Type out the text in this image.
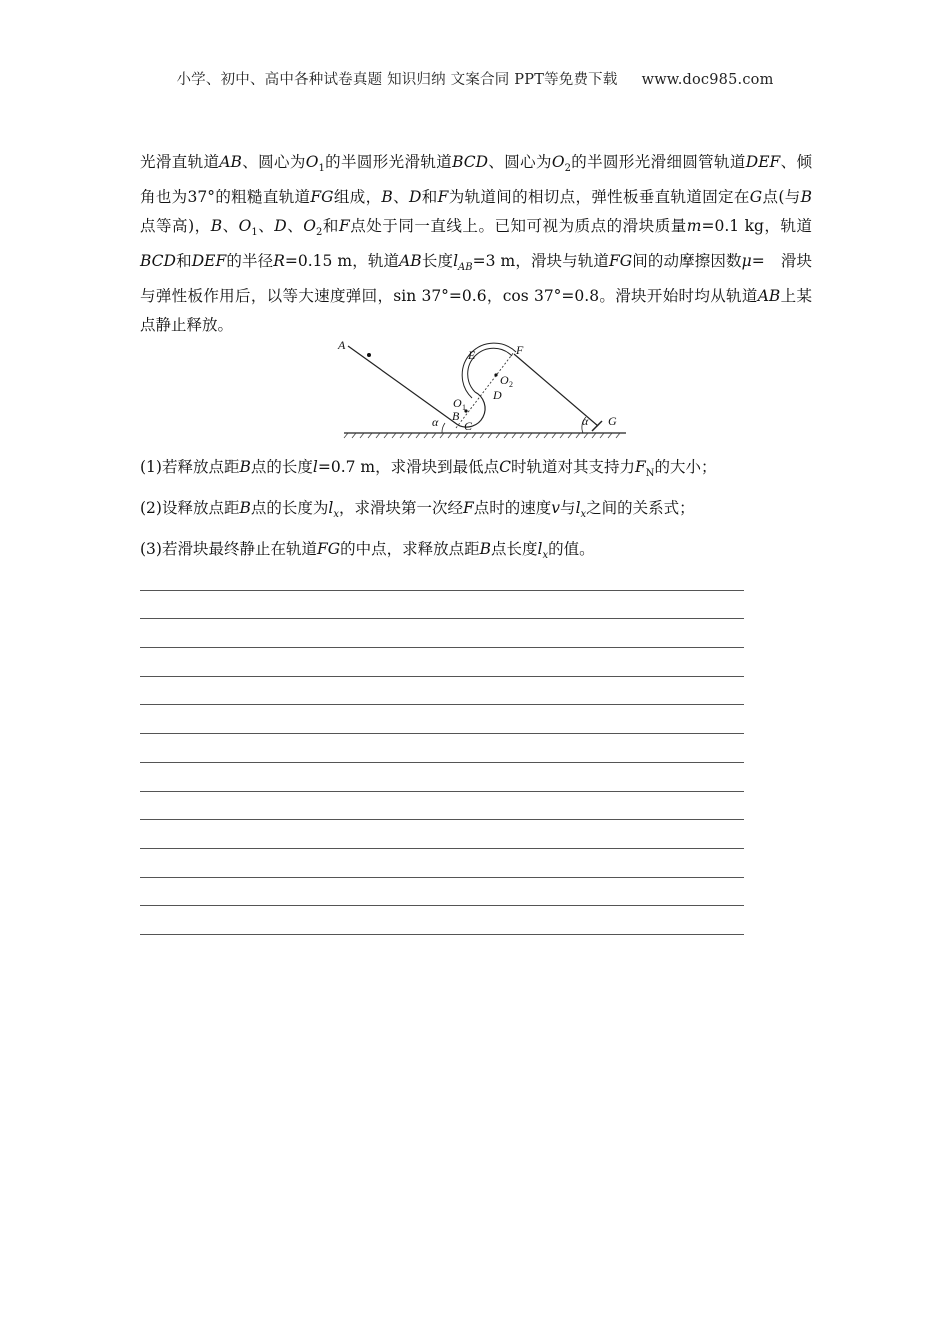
小学、初中、高中各种试卷真题 知识归纳 文案合同 PPT等免费下载 www.doc985.com
光滑直轨道AB、圆心为$O_1$的半圆形光滑轨道BCD、圆心为$O_2$的半圆形光滑细圆管轨道DEF、倾角也为37°的粗糙直轨道FG组成，B、D和F为轨道间的相切点，弹性板垂直轨道固定在G点(与B点等高)，B、$O_1$、D、$O_2$和F点处于同一直线上。已知可视为质点的滑块质量m=0.1 kg，轨道BCD和DEF的半径R=0.15 m，轨道AB长度$l_{AB}=3$ m，滑块与轨道FG间的动摩擦因数μ= 滑块与弹性板作用后，以等大速度弹回，sin 37°=0.6，cos 37°=0.8。滑块开始时均从轨道AB上某点静止释放。
A
α B
C
O 1
D
O 2
E	F
α G
(1)若释放点距B点的长度l=0.7 m，求滑块到最低点C时轨道对其支持力$F_N$的大小；
(2)设释放点距B点的长度为$l_x$，求滑块第一次经F点时的速度v与$l_x$之间的关系式；
(3)若滑块最终静止在轨道FG的中点，求释放点距B点长度$l_x$的值。
